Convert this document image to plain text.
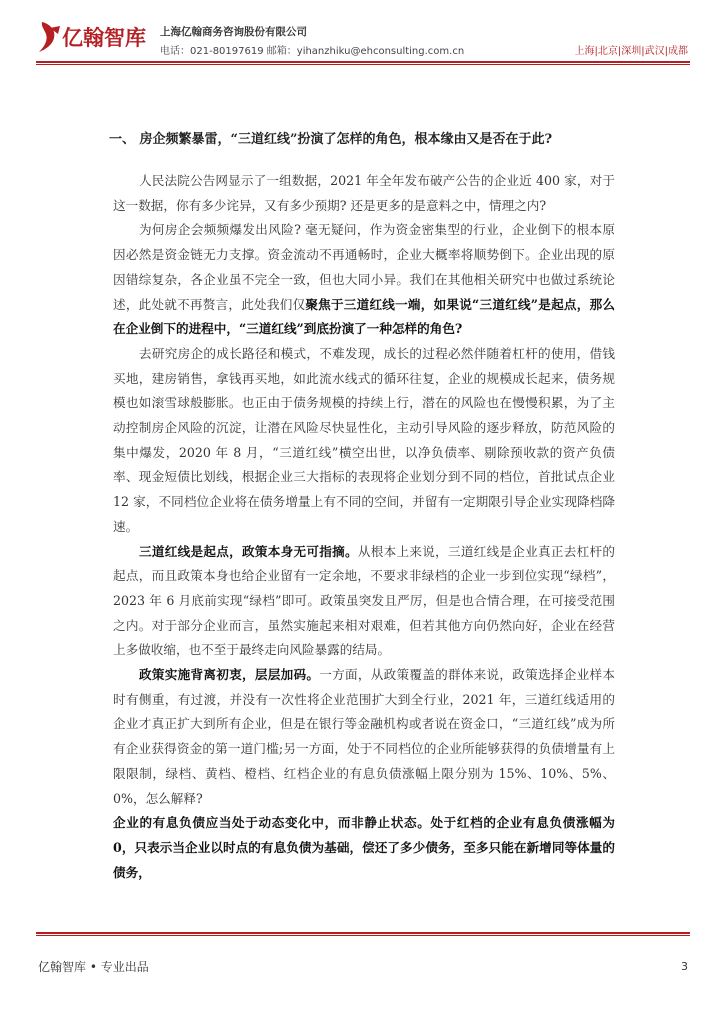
亿翰智库 上海亿翰商务咨询股份有限公司
电话：021-80197619 邮箱：yihanzhiku@ehconsulting.com.cn	上海|北京|深圳|武汉|成都
一、 房企频繁暴雷，“三道红线”扮演了怎样的角色，根本缘由又是否在于此?

人民法院公告网显示了一组数据，2021 年全年发布破产公告的企业近 400 家，对于这一数据，你有多少诧异，又有多少预期? 还是更多的是意料之中，情理之内?

为何房企会频频爆发出风险? 毫无疑问，作为资金密集型的行业，企业倒下的根本原因必然是资金链无力支撑。资金流动不再通畅时，企业大概率将顺势倒下。企业出现的原因错综复杂，各企业虽不完全一致，但也大同小异。我们在其他相关研究中也做过系统论述，此处就不再赘言，此处我们仅聚焦于三道红线一端，如果说“三道红线”是起点，那么在企业倒下的进程中，“三道红线”到底扮演了一种怎样的角色?

去研究房企的成长路径和模式，不难发现，成长的过程必然伴随着杠杆的使用，借钱买地，建房销售，拿钱再买地，如此流水线式的循环往复，企业的规模成长起来，债务规模也如滚雪球般膨胀。也正由于债务规模的持续上行，潜在的风险也在慢慢积累，为了主动控制房企风险的沉淀，让潜在风险尽快显性化，主动引导风险的逐步释放，防范风险的集中爆发，2020 年 8 月，“三道红线”横空出世，以净负债率、剔除预收款的资产负债率、现金短债比划线，根据企业三大指标的表现将企业划分到不同的档位，首批试点企业 12 家，不同档位企业将在债务增量上有不同的空间，并留有一定期限引导企业实现降档降速。

三道红线是起点，政策本身无可指摘。从根本上来说，三道红线是企业真正去杠杆的起点，而且政策本身也给企业留有一定余地，不要求非绿档的企业一步到位实现“绿档”，2023 年 6 月底前实现“绿档”即可。政策虽突发且严厉，但是也合情合理，在可接受范围之内。对于部分企业而言，虽然实施起来相对艰难，但若其他方向仍然向好，企业在经营上多做收缩，也不至于最终走向风险暴露的结局。

政策实施背离初衷，层层加码。一方面，从政策覆盖的群体来说，政策选择企业样本时有侧重，有过渡，并没有一次性将企业范围扩大到全行业，2021 年，三道红线适用的企业才真正扩大到所有企业，但是在银行等金融机构或者说在资金口，“三道红线”成为所有企业获得资金的第一道门槛;另一方面，处于不同档位的企业所能够获得的负债增量有上限限制，绿档、黄档、橙档、红档企业的有息负债涨幅上限分别为 15%、10%、5%、0%，怎么解释?

企业的有息负债应当处于动态变化中，而非静止状态。处于红档的企业有息负债涨幅为 0，只表示当企业以时点的有息负债为基础，偿还了多少债务，至多只能在新增同等体量的债务，

亿翰智库 • 专业出品	3
